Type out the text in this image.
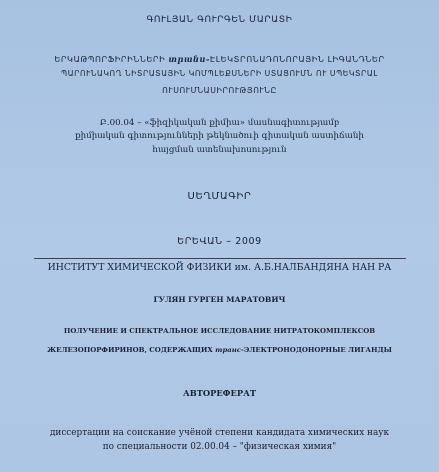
ԳՈՒԼՅԱՆ ԳՈՒՐԳԵՆ ՄԱՐԱՏԻ
ԵՐԿԱԹՊՈՐՖԻՐԻՆՆԵՐԻ տրանս-ԷԼԵԿՏՐՈՆԱԴՈՆՈՐԱՅԻՆ ԼԻԳԱՆԴՆԵՐ
ՊԱՐՈՒՆԱԿՈՂ ՆԻՏՐԱՏԱՅԻՆ ԿՈՄՊԼԵՔՍՆԵՐԻ ՍՏԱՑՈՒՄՆ ՈՒ ՍՊԵԿՏՐԱԼ
ՈՒՍՈՒՄՆԱՍԻՐՈՒԹՅՈՒՆԸ
Բ.00.04 – «ֆիզիկական քիմիա» մասնագիտությամբ
քիմիական գիտությունների թեկնածուի գիտական աստիճանի
հայցման ատենախոսություն
ՍԵՂՄԱԳԻՐ
ԵՐԵՎԱՆ – 2009
ИНСТИТУТ ХИМИЧЕСКОЙ ФИЗИКИ им. А.Б.НАЛБАНДЯНА НАН РА
ГУЛЯН ГУРГЕН МАРАТОВИЧ
ПОЛУЧЕНИЕ И СПЕКТРАЛЬНОЕ ИССЛЕДОВАНИЕ НИТРАТОКОМПЛЕКСОВ
ЖЕЛЕЗОПОРФИРИНОВ, СОДЕРЖАЩИХ транс-ЭЛЕКТРОНОДОНОРНЫЕ ЛИГАНДЫ
АВТОРЕФЕРАТ
диссертации на соискание учёной степени кандидата химических наук
по специальности 02.00.04 – "физическая химия"
